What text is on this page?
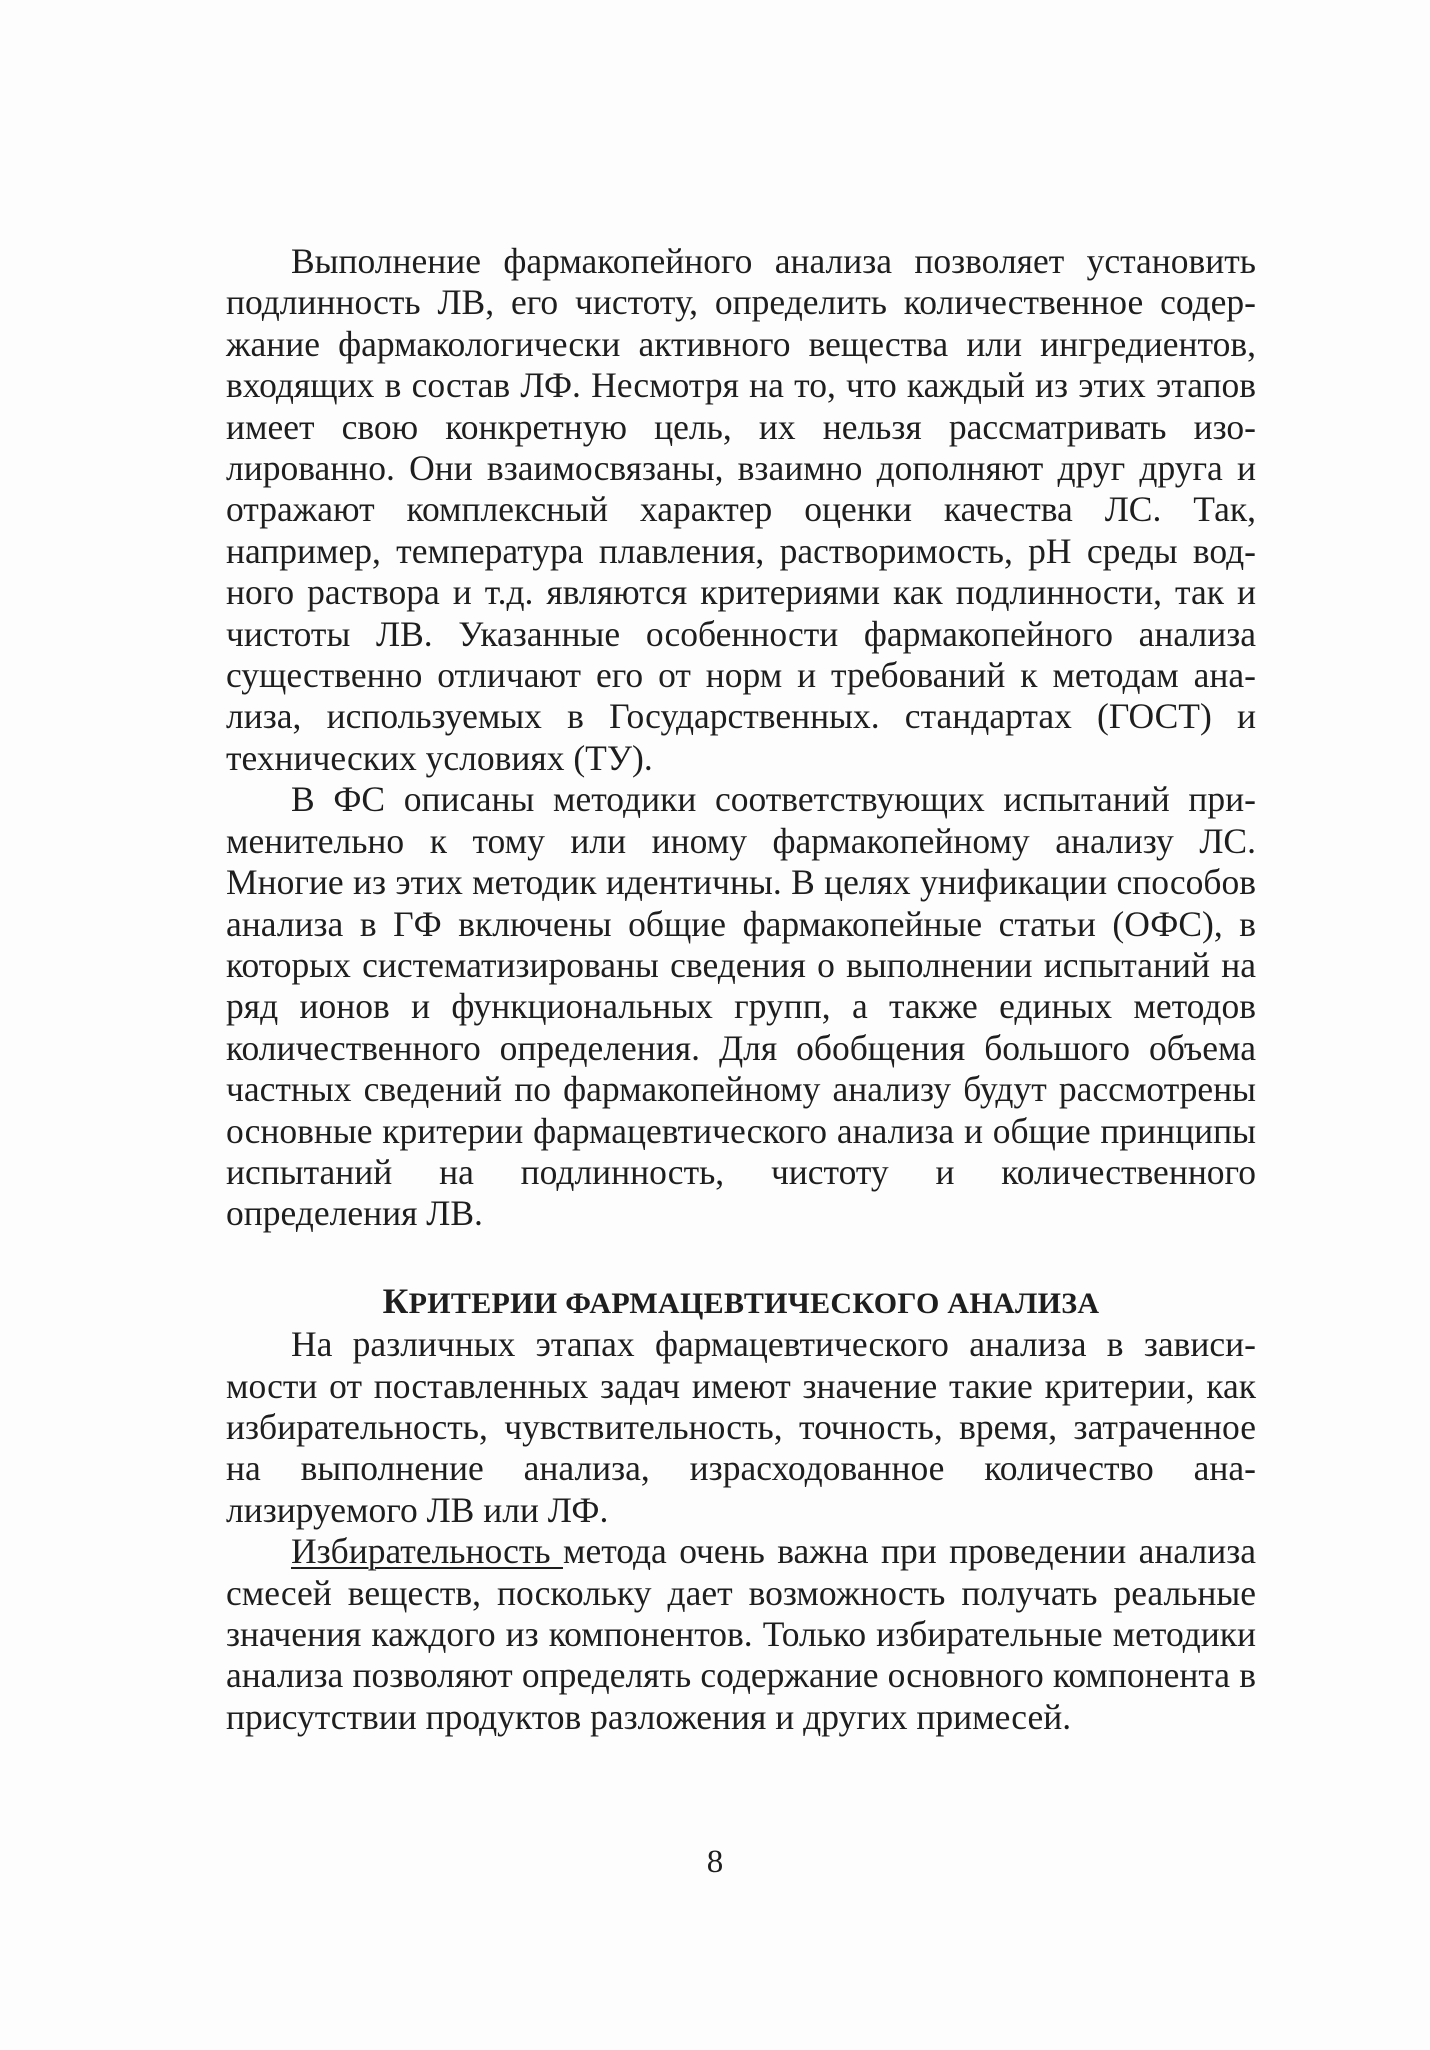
Выполнение фармакопейного анализа позволяет установить подлинность ЛВ, его чистоту, определить количественное содержание фармакологически активного вещества или ингредиентов, входящих в состав ЛФ. Несмотря на то, что каждый из этих этапов имеет свою конкретную цель, их нельзя рассматривать изолированно. Они взаимосвязаны, взаимно дополняют друг друга и отражают комплексный характер оценки качества ЛС. Так, например, температура плавления, растворимость, pH среды водного раствора и т.д. являются критериями как подлинности, так и чистоты ЛВ. Указанные особенности фармакопейного анализа существенно отличают его от норм и требований к методам анализа, используемых в Государственных. стандартах (ГОСТ) и технических условиях (ТУ).

В ФС описаны методики соответствующих испытаний применительно к тому или иному фармакопейному анализу ЛС. Многие из этих методик идентичны. В целях унификации способов анализа в ГФ включены общие фармакопейные статьи (ОФС), в которых систематизированы сведения о выполнении испытаний на ряд ионов и функциональных групп, а также единых методов количественного определения. Для обобщения большого объема частных сведений по фармакопейному анализу будут рассмотрены основные критерии фармацевтического анализа и общие принципы испытаний на подлинность, чистоту и количественного определения ЛВ.

КРИТЕРИИ ФАРМАЦЕВТИЧЕСКОГО АНАЛИЗА

На различных этапах фармацевтического анализа в зависимости от поставленных задач имеют значение такие критерии, как избирательность, чувствительность, точность, время, затраченное на выполнение анализа, израсходованное количество анализируемого ЛВ или ЛФ.

Избирательность метода очень важна при проведении анализа смесей веществ, поскольку дает возможность получать реальные значения каждого из компонентов. Только избирательные методики анализа позволяют определять содержание основного компонента в присутствии продуктов разложения и других примесей.

8
